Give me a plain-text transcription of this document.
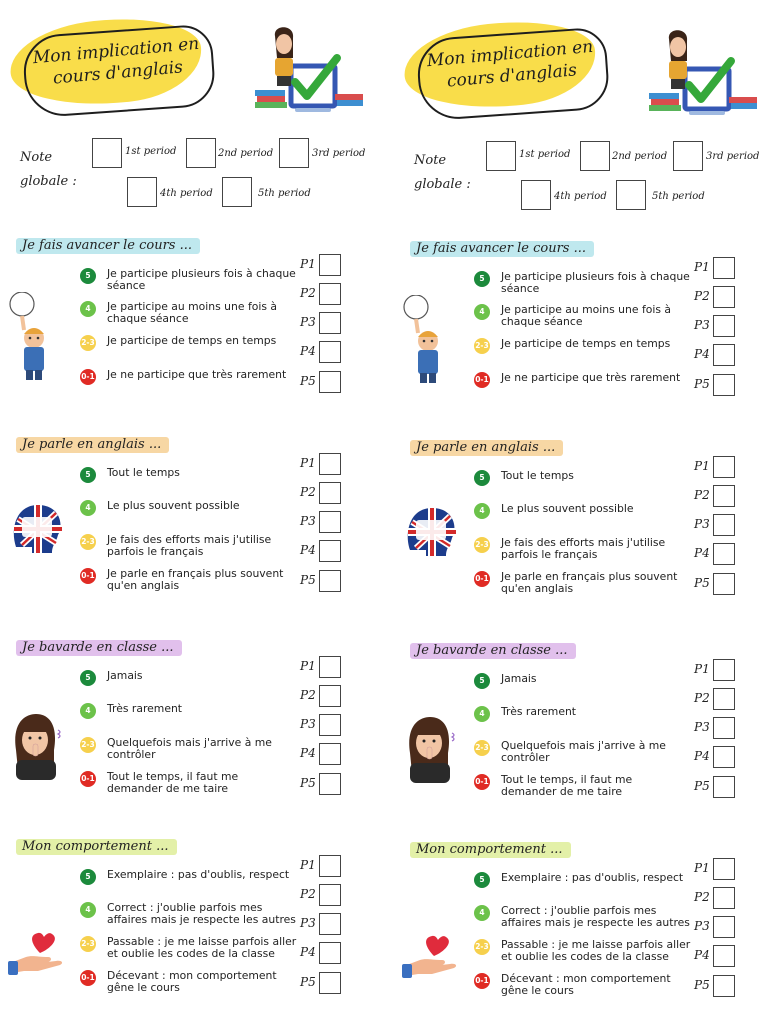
Mon implication en cours d'anglais
Note globale :
1st period	2nd period	3rd period
4th period	5th period
Je fais avancer le cours ...
5	Je participe plusieurs fois à chaque séance
4	Je participe au moins une fois à chaque séance
2-3 Je participe de temps en temps
0-1 Je ne participe que très rarement
P1
P2
P3
P4
P5
Je parle en anglais ...
5	Tout le temps
4	Le plus souvent possible
2-3 Je fais des efforts mais j'utilise parfois le français
0-1 Je parle en français plus souvent qu'en anglais
P1
P2
P3
P4
P5
Je bavarde en classe ...
5	Jamais
4	Très rarement
2-3 Quelquefois mais j'arrive à me contrôler
0-1 Tout le temps, il faut me demander de me taire
P1
P2
P3
P4
P5
Mon comportement ...
5	Exemplaire : pas d'oublis, respect
4	Correct : j'oublie parfois mes affaires mais je respecte les autres
2-3 Passable : je me laisse parfois aller et oublie les codes de la classe
0-1 Décevant : mon comportement gêne le cours
P1
P2
P3
P4
P5
Mon implication en cours d'anglais
Note globale :
1st period	2nd period	3rd period
4th period	5th period
Je fais avancer le cours ...
5	Je participe plusieurs fois à chaque séance
4	Je participe au moins une fois à chaque séance
2-3 Je participe de temps en temps
0-1 Je ne participe que très rarement
P1
P2
P3
P4
P5
Je parle en anglais ...
5	Tout le temps
4	Le plus souvent possible
2-3 Je fais des efforts mais j'utilise parfois le français
0-1 Je parle en français plus souvent qu'en anglais
P1
P2
P3
P4
P5
Je bavarde en classe ...
5	Jamais
4	Très rarement
2-3 Quelquefois mais j'arrive à me contrôler
0-1 Tout le temps, il faut me demander de me taire
P1
P2
P3
P4
P5
Mon comportement ...
5	Exemplaire : pas d'oublis, respect
4	Correct : j'oublie parfois mes affaires mais je respecte les autres
2-3 Passable : je me laisse parfois aller et oublie les codes de la classe
0-1 Décevant : mon comportement gêne le cours
P1
P2
P3
P4
P5
